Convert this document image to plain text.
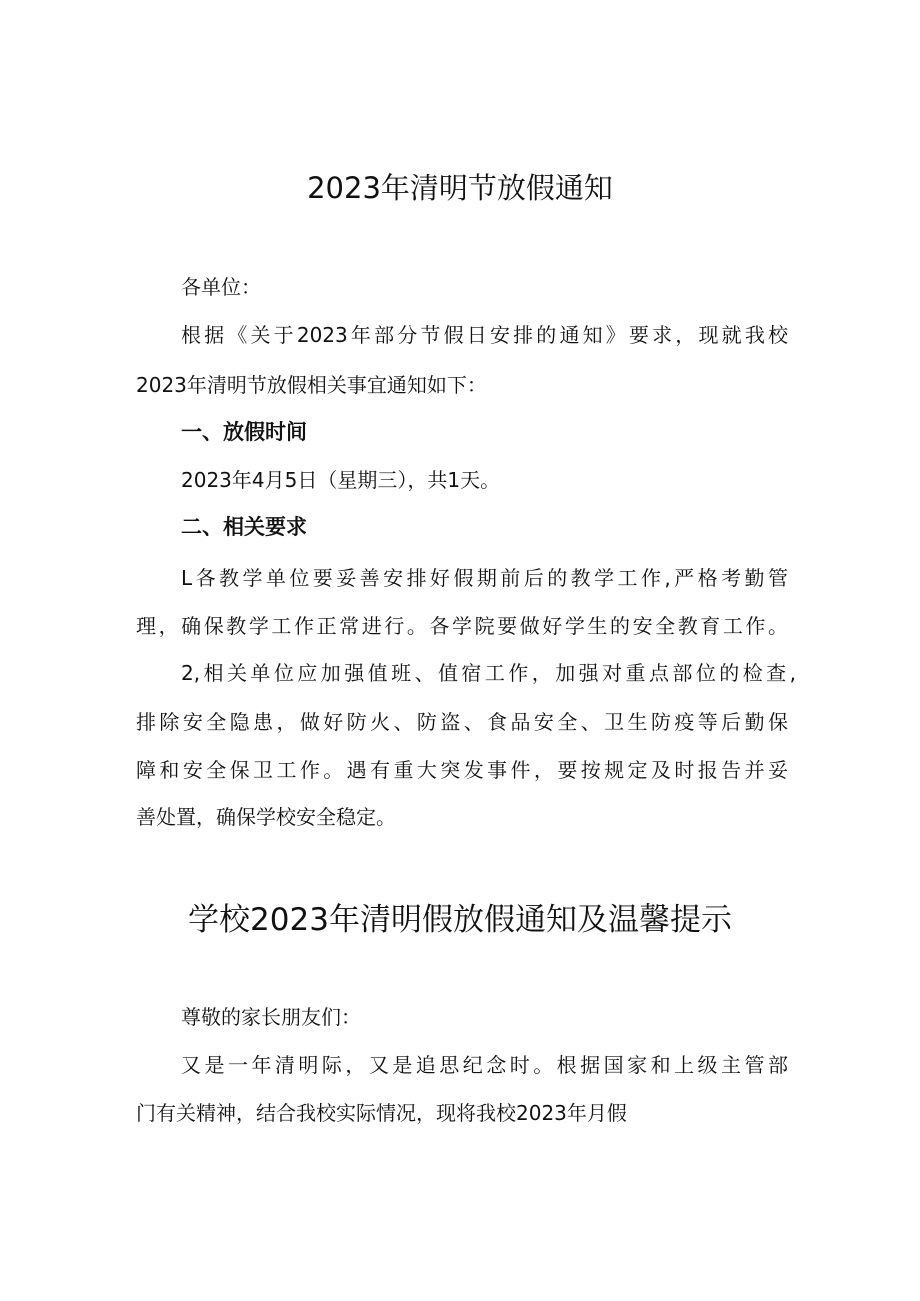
2023年清明节放假通知

各单位：

根据《关于2023年部分节假日安排的通知》要求，现就我校

2023年清明节放假相关事宜通知如下：

一、放假时间

2023年4月5日（星期三），共1天。

二、相关要求

L各教学单位要妥善安排好假期前后的教学工作,严格考勤管

理，确保教学工作正常进行。各学院要做好学生的安全教育工作。

2,相关单位应加强值班、值宿工作，加强对重点部位的检查,

排除安全隐患，做好防火、防盗、食品安全、卫生防疫等后勤保

障和安全保卫工作。遇有重大突发事件，要按规定及时报告并妥

善处置，确保学校安全稳定。

学校2023年清明假放假通知及温馨提示

尊敬的家长朋友们：

又是一年清明际，又是追思纪念时。根据国家和上级主管部

门有关精神，结合我校实际情况，现将我校2023年月假
